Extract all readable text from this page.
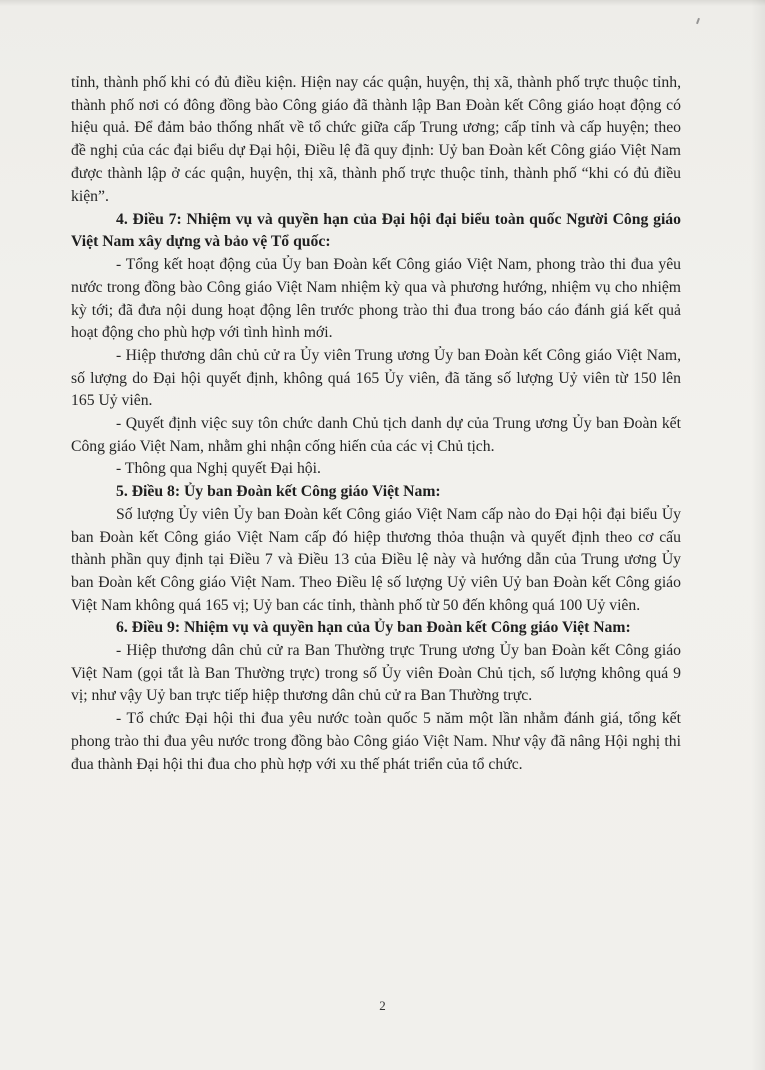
tỉnh, thành phố khi có đủ điều kiện. Hiện nay các quận, huyện, thị xã, thành phố trực thuộc tỉnh, thành phố nơi có đông đồng bào Công giáo đã thành lập Ban Đoàn kết Công giáo hoạt động có hiệu quả. Để đảm bảo thống nhất về tổ chức giữa cấp Trung ương; cấp tỉnh và cấp huyện; theo đề nghị của các đại biểu dự Đại hội, Điều lệ đã quy định: Uỷ ban Đoàn kết Công giáo Việt Nam được thành lập ở các quận, huyện, thị xã, thành phố trực thuộc tỉnh, thành phố “khi có đủ điều kiện”.

4. Điều 7: Nhiệm vụ và quyền hạn của Đại hội đại biểu toàn quốc Người Công giáo Việt Nam xây dựng và bảo vệ Tổ quốc:

- Tổng kết hoạt động của Ủy ban Đoàn kết Công giáo Việt Nam, phong trào thi đua yêu nước trong đồng bào Công giáo Việt Nam nhiệm kỳ qua và phương hướng, nhiệm vụ cho nhiệm kỳ tới; đã đưa nội dung hoạt động lên trước phong trào thi đua trong báo cáo đánh giá kết quả hoạt động cho phù hợp với tình hình mới.

- Hiệp thương dân chủ cử ra Ủy viên Trung ương Ủy ban Đoàn kết Công giáo Việt Nam, số lượng do Đại hội quyết định, không quá 165 Ủy viên, đã tăng số lượng Uỷ viên từ 150 lên 165 Uỷ viên.

- Quyết định việc suy tôn chức danh Chủ tịch danh dự của Trung ương Ủy ban Đoàn kết Công giáo Việt Nam, nhằm ghi nhận cống hiến của các vị Chủ tịch.

- Thông qua Nghị quyết Đại hội.

5. Điều 8: Ủy ban Đoàn kết Công giáo Việt Nam:

Số lượng Ủy viên Ủy ban Đoàn kết Công giáo Việt Nam cấp nào do Đại hội đại biểu Ủy ban Đoàn kết Công giáo Việt Nam cấp đó hiệp thương thỏa thuận và quyết định theo cơ cấu thành phần quy định tại Điều 7 và Điều 13 của Điều lệ này và hướng dẫn của Trung ương Ủy ban Đoàn kết Công giáo Việt Nam. Theo Điều lệ số lượng Uỷ viên Uỷ ban Đoàn kết Công giáo Việt Nam không quá 165 vị; Uỷ ban các tỉnh, thành phố từ 50 đến không quá 100 Uỷ viên.

6. Điều 9: Nhiệm vụ và quyền hạn của Ủy ban Đoàn kết Công giáo Việt Nam:

- Hiệp thương dân chủ cử ra Ban Thường trực Trung ương Ủy ban Đoàn kết Công giáo Việt Nam (gọi tắt là Ban Thường trực) trong số Ủy viên Đoàn Chủ tịch, số lượng không quá 9 vị; như vậy Uỷ ban trực tiếp hiệp thương dân chủ cử ra Ban Thường trực.

- Tổ chức Đại hội thi đua yêu nước toàn quốc 5 năm một lần nhằm đánh giá, tổng kết phong trào thi đua yêu nước trong đồng bào Công giáo Việt Nam. Như vậy đã nâng Hội nghị thi đua thành Đại hội thi đua cho phù hợp với xu thế phát triển của tổ chức.

2
